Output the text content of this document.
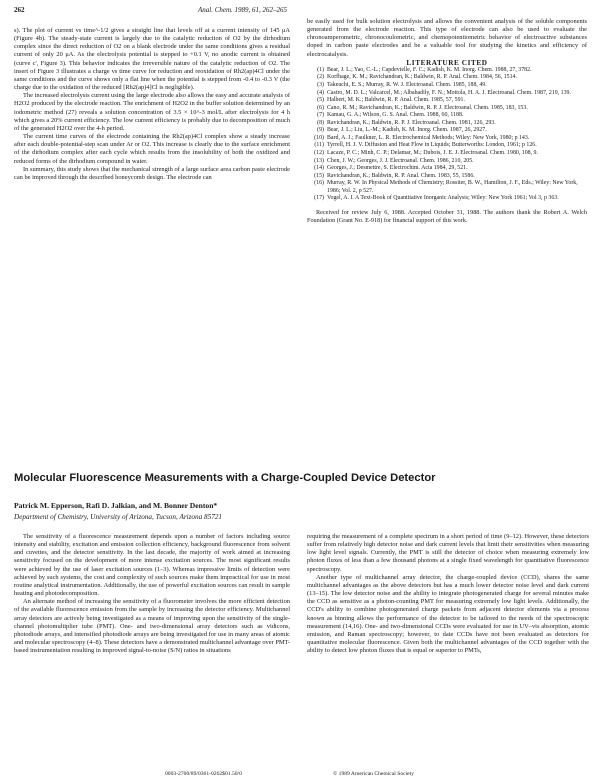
262	Anal. Chem. 1989, 61, 262–265

s). The plot of current vs time^-1/2 gives a straight line that levels off at a current intensity of 145 μA (Figure 4b). The steady-state current is largely due to the catalytic reduction of O2 by the dirhodium complex since the direct reduction of O2 on a blank electrode under the same conditions gives a residual current of only 20 μA. As the electrolysis potential is stepped to +0.1 V, no anodic current is obtained (curve c', Figure 3). This behavior indicates the irreversible nature of the catalytic reduction of O2. The insert of Figure 3 illustrates a charge vs time curve for reduction and reoxidation of Rh2(ap)4Cl under the same conditions and the curve shows only a flat line when the potential is stepped from -0.4 to -0.3 V (the charge due to the oxidation of the reduced [Rh2(ap)4]Cl is negligible).

The increased electrolysis current using the large electrode also allows the easy and accurate analysis of H2O2 produced by the electrode reaction. The enrichment of H2O2 in the buffer solution determined by an iodometric method (27) reveals a solution concentration of 3.5 × 10^-3 mol/L after electrolysis for 4 h which gives a 20% current efficiency. The low current efficiency is probably due to decomposition of much of the generated H2O2 over the 4-h period.

The current time curves of the electrode containing the Rh2(ap)4Cl complex show a steady increase after each double-potential-step scan under Ar or O2. This increase is clearly due to the surface enrichment of the dirhodium complex after each cycle which results from the insolubility of both the oxidized and reduced forms of the dirhodium compound in water.

In summary, this study shows that the mechanical strength of a large surface area carbon paste electrode can be improved through the described honeycomb design. The electrode can

be easily used for bulk solution electrolysis and allows the convenient analysis of the soluble components generated from the electrode reaction. This type of electrode can also be used to evaluate the chronoamperometric, chronocoulometric, and chemopotentiometric behavior of electroactive substances doped in carbon paste electrodes and be a valuable tool for studying the kinetics and efficiency of electrocatalysis.

LITERATURE CITED

(1) Bear, J. L.; Yao, C.-L.; Capdevielle, F. C.; Kadish, K. M. Inorg. Chem. 1988, 27, 3782.
(2) Korfhage, K. M.; Ravichandran, K.; Baldwin, R. P. Anal. Chem. 1984, 56, 1514.
(3) Takeuchi, E. S.; Murray, R. W. J. Electroanal. Chem. 1985, 188, 49.
(4) Castro, M. D. L.; Valcarcel, M.; Albahadily, F. N.; Mottola, H. A. J. Electroanal. Chem. 1987, 219, 139.
(5) Halbert, M. K.; Baldwin, R. P. Anal. Chem. 1985, 57, 591.
(6) Cano, R. M.; Ravichandran, K.; Baldwin, R. P. J. Electroanal. Chem. 1985, 183, 153.
(7) Kamau, G. A.; Wilson, G. S. Anal. Chem. 1988, 60, 1188.
(8) Ravichandran, K.; Baldwin, R. P. J. Electroanal. Chem. 1981, 126, 293.
(9) Bear, J. L.; Liu, L.-M.; Kadish, K. M. Inorg. Chem. 1987, 26, 2927.
(10) Bard, A. J.; Faulkner, L. R. Electrochemical Methods; Wiley: New York, 1980; p 143.
(11) Tyrrell, H. J. V. Diffusion and Heat Flow in Liquids; Butterworths: London, 1961; p 126.
(12) Lacaze, P. C.; Minh, C. P.; Delamar, M.; Dubois, J. E. J. Electroanal. Chem. 1980, 108, 9.
(13) Chen, J. W.; Georges, J. J. Electroanal. Chem. 1986, 210, 205.
(14) Georges, J.; Desmettre, S. Electrochim. Acta 1984, 29, 521.
(15) Ravichandran, K.; Baldwin, R. P. Anal. Chem. 1983, 55, 1586.
(16) Murray, R. W. In Physical Methods of Chemistry; Rossiter, B. W., Hamilton, J. F., Eds.; Wiley: New York, 1986; Vol. 2, p 527.
(17) Vogel, A. I. A Text-Book of Quantitative Inorganic Analysis; Wiley: New York 1961; Vol 3, p 363.

Received for review July 6, 1988. Accepted October 31, 1988. The authors thank the Robert A. Welch Foundation (Grant No. E-918) for financial support of this work.

Molecular Fluorescence Measurements with a Charge-Coupled Device Detector
Patrick M. Epperson, Rafi D. Jalkian, and M. Bonner Denton*
Department of Chemistry, University of Arizona, Tucson, Arizona 85721

The sensitivity of a fluorescence measurement depends upon a number of factors including source intensity and stability, excitation and emission collection efficiency, background fluorescence from solvent and cuvettes, and the detector sensitivity. In the last decade, the majority of work aimed at increasing sensitivity focused on the development of more intense excitation sources. The most significant results were achieved by the use of laser excitation sources (1–3). Whereas impressive limits of detection were achieved by such systems, the cost and complexity of such sources make them impractical for use in most routine analytical instrumentation. Additionally, the use of powerful excitation sources can result in sample heating and photodecomposition.

An alternate method of increasing the sensitivity of a fluorometer involves the more efficient detection of the available fluorescence emission from the sample by increasing the detector efficiency. Multichannel array detectors are actively being investigated as a means of improving upon the sensitivity of the single-channel photomultiplier tube (PMT). One- and two-dimensional array detectors such as vidicons, photodiode arrays, and intensified photodiode arrays are being investigated for use in many areas of atomic and molecular spectroscopy (4–8). These detectors have a demonstrated multichannel advantage over PMT-based instrumentation resulting in improved signal-to-noise (S/N) ratios in situations

requiring the measurement of a complete spectrum in a short period of time (9–12). However, these detectors suffer from relatively high detector noise and dark current levels that limit their sensitivities when measuring low light level signals. Currently, the PMT is still the detector of choice when measuring extremely low photon fluxes of less than a few thousand photons at a single fixed wavelength for quantitative fluorescence spectroscopy.

Another type of multichannel array detector, the charge-coupled device (CCD), shares the same multichannel advantages as the above detectors but has a much lower detector noise level and dark current (13–15). The low detector noise and the ability to integrate photogenerated charge for several minutes make the CCD as sensitive as a photon-counting PMT for measuring extremely low light levels. Additionally, the CCD's ability to combine photogenerated charge packets from adjacent detector elements via a process known as binning allows the performance of the detector to be tailored to the needs of the spectroscopic measurement (14,16). One- and two-dimensional CCDs were evaluated for use in UV–vis absorption, atomic emission, and Raman spectroscopy; however, to date CCDs have not been evaluated as detectors for quantitative molecular fluorescence. Given both the multichannel advantages of the CCD together with the ability to detect low photon fluxes that is equal or superior to PMTs,

0003-2700/89/0361-0262$01.50/0	© 1989 American Chemical Society
